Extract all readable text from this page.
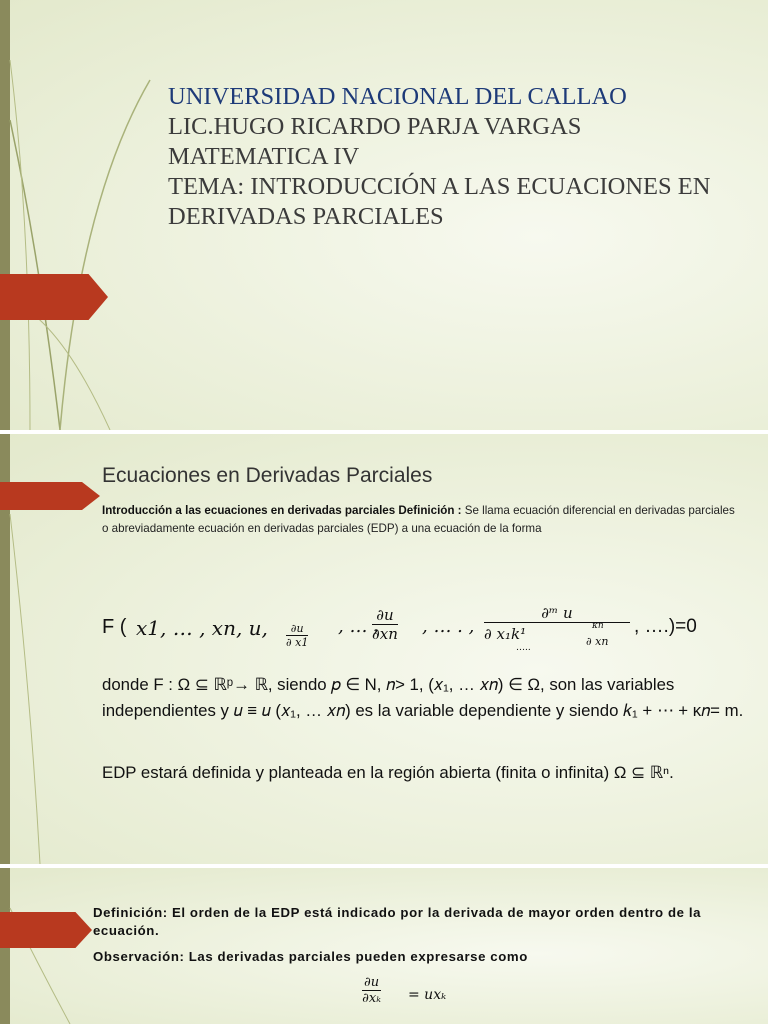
UNIVERSIDAD NACIONAL DEL CALLAO
LIC.HUGO RICARDO PARJA VARGAS
MATEMATICA IV
TEMA: INTRODUCCIÓN A LAS ECUACIONES EN
DERIVADAS PARCIALES
Ecuaciones en Derivadas Parciales
Introducción a las ecuaciones en derivadas parciales Definición : Se llama ecuación diferencial en derivadas parciales o abreviadamente ecuación en derivadas parciales (EDP) a una ecuación de la forma
F ( x1, … , xn, u, $\frac{\partial u}{\partial x1}$ , … ,
$\frac{\partial u}{\partial xn}$ , … . , ∂ᵐ u
∂ x₁k¹
…..
κn
∂ xn , ….)=0
donde F : Ω ⊆ ℝᵖ→ ℝ, siendo 𝑝 ∈ N, 𝑛> 1, (𝑥₁, … 𝑥𝑛) ∈ Ω, son las variables independientes y 𝑢 ≡ 𝑢 (𝑥₁, … 𝑥𝑛) es la variable dependiente y siendo 𝑘₁ + ⋯ + κ𝑛= m.
EDP estará definida y planteada en la región abierta (finita o infinita) Ω ⊆ ℝⁿ.
Definición: El orden de la EDP está indicado por la derivada de mayor orden dentro de la ecuación.
Observación: Las derivadas parciales pueden expresarse como
$\frac{\partial u}{\text{∂xₖ}} = ux_k$
